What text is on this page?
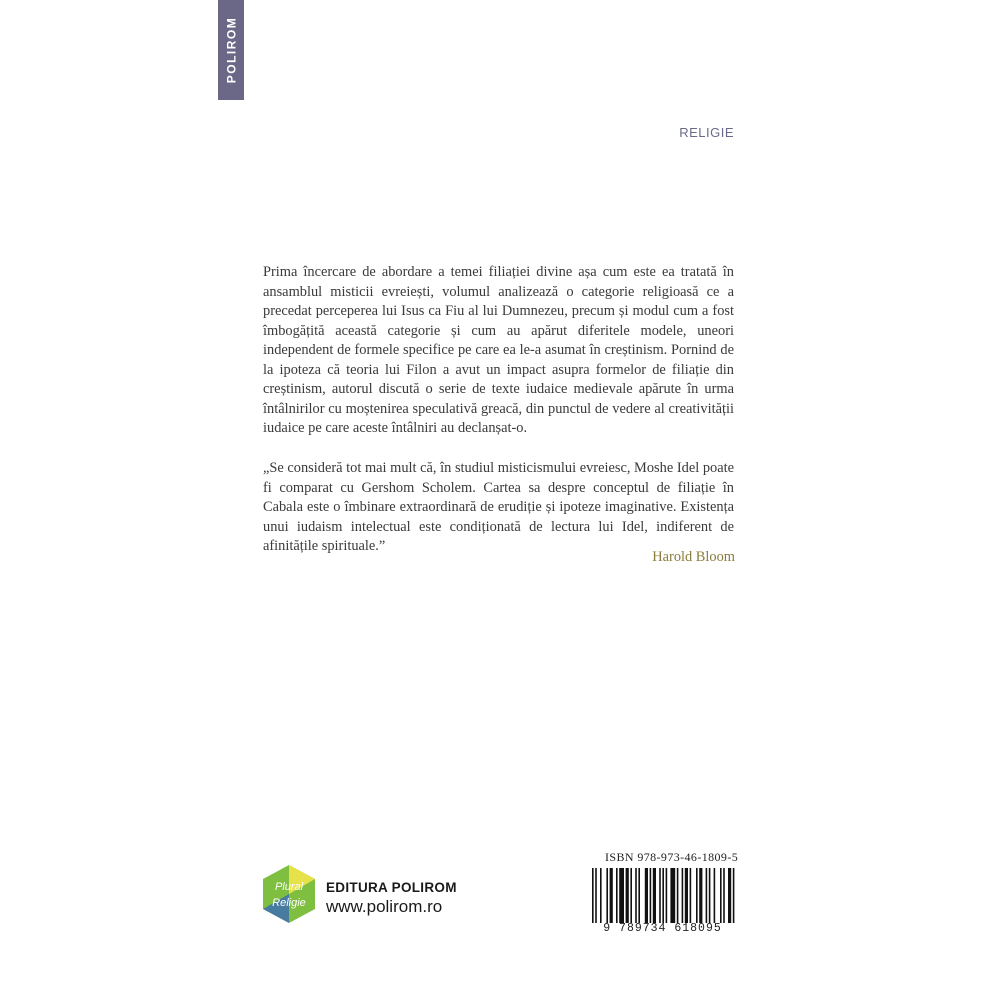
POLIROM
RELIGIE

Prima încercare de abordare a temei filiației divine așa cum este ea tratată în ansamblul misticii evreiești, volumul analizează o categorie religioasă ce a precedat perceperea lui Isus ca Fiu al lui Dumnezeu, precum și modul cum a fost îmbogățită această categorie și cum au apărut diferitele modele, uneori independent de formele specifice pe care ea le-a asumat în creștinism. Pornind de la ipoteza că teoria lui Filon a avut un impact asupra formelor de filiație din creștinism, autorul discută o serie de texte iudaice medievale apărute în urma întâlnirilor cu moștenirea speculativă greacă, din punctul de vedere al creativității iudaice pe care aceste întâlniri au declanșat-o.

„Se consideră tot mai mult că, în studiul misticismului evreiesc, Moshe Idel poate fi comparat cu Gershom Scholem. Cartea sa despre conceptul de filiație în Cabala este o îmbinare extraordinară de erudiție și ipoteze imaginative. Existența unui iudaism intelectual este condiționată de lectura lui Idel, indiferent de afinitățile spirituale.”

Harold Bloom
Plural
Religie
EDITURA POLIROM
www.polirom.ro
ISBN 978-973-46-1809-5
9 789734 618095
